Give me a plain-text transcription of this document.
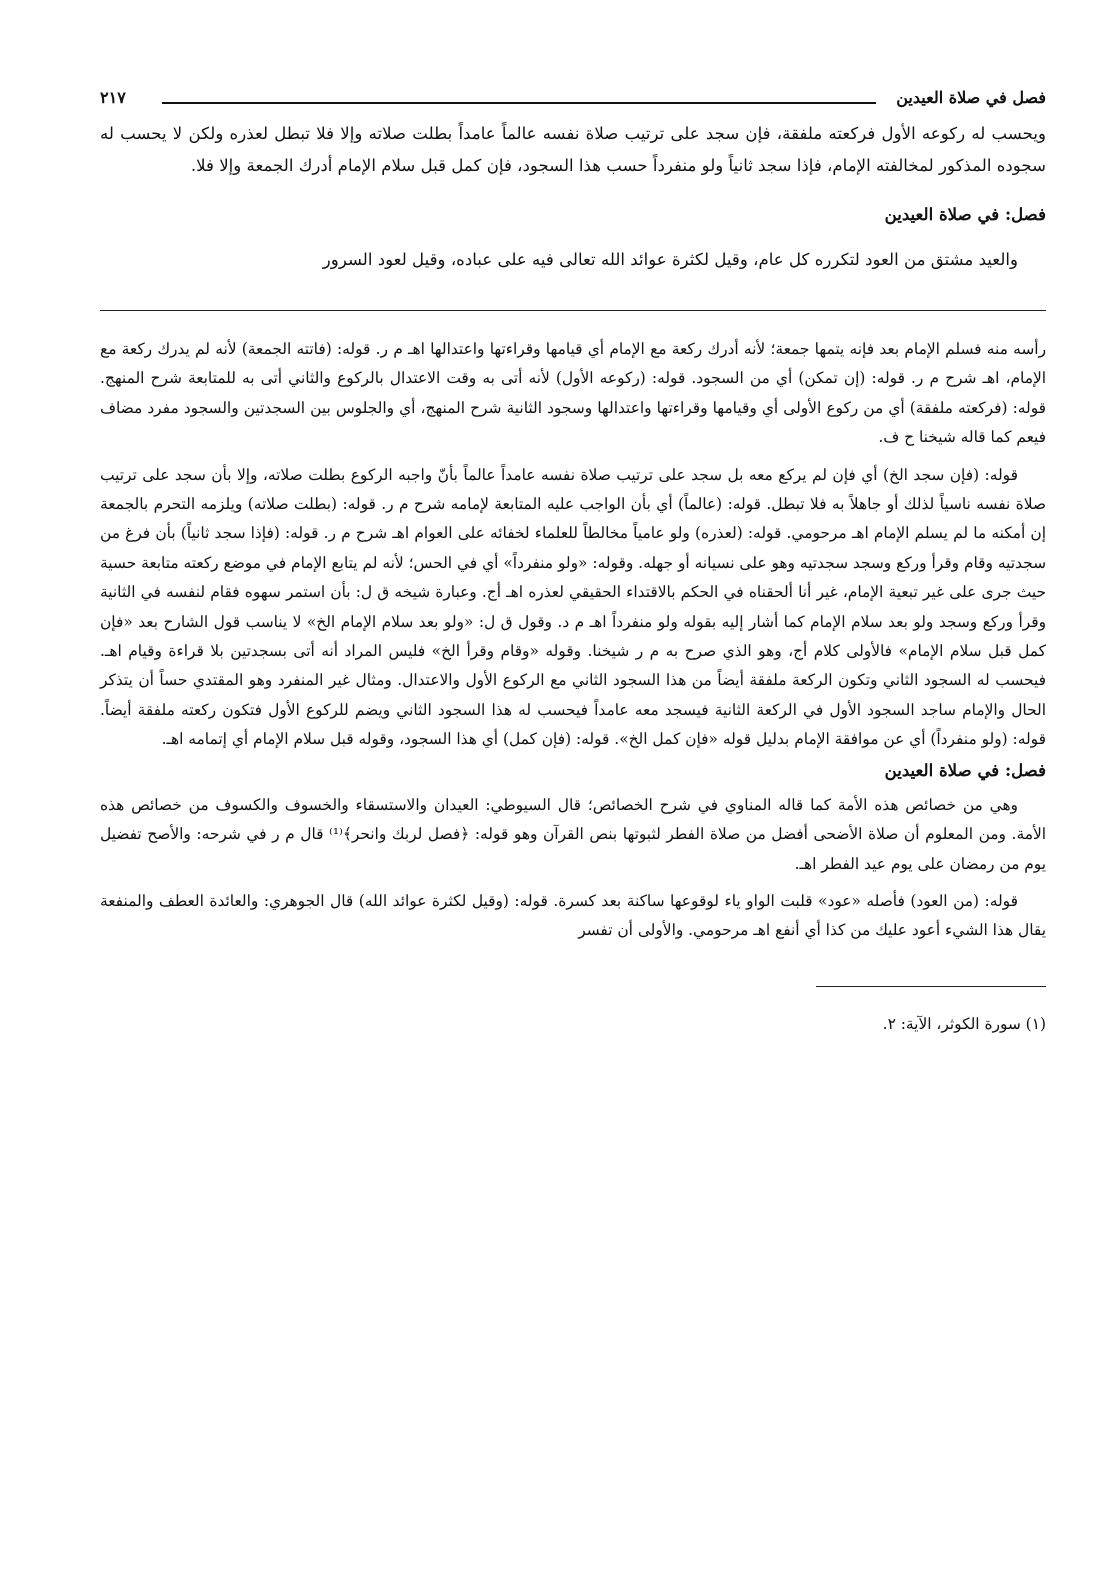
فصل في صلاة العيدين
٢١٧

ويحسب له ركوعه الأول فركعته ملفقة، فإن سجد على ترتيب صلاة نفسه عالماً عامداً بطلت صلاته وإلا فلا تبطل لعذره ولكن لا يحسب له سجوده المذكور لمخالفته الإمام، فإذا سجد ثانياً ولو منفرداً حسب هذا السجود، فإن كمل قبل سلام الإمام أدرك الجمعة وإلا فلا.

فصل: في صلاة العيدين

والعيد مشتق من العود لتكرره كل عام، وقيل لكثرة عوائد الله تعالى فيه على عباده، وقيل لعود السرور

رأسه منه فسلم الإمام بعد فإنه يتمها جمعة؛ لأنه أدرك ركعة مع الإمام أي قيامها وقراءتها واعتدالها اهـ م ر. قوله: (فاتته الجمعة) لأنه لم يدرك ركعة مع الإمام، اهـ شرح م ر. قوله: (إن تمكن) أي من السجود. قوله: (ركوعه الأول) لأنه أتى به وقت الاعتدال بالركوع والثاني أتى به للمتابعة شرح المنهج. قوله: (فركعته ملفقة) أي من ركوع الأولى أي وقيامها وقراءتها واعتدالها وسجود الثانية شرح المنهج، أي والجلوس بين السجدتين والسجود مفرد مضاف فيعم كما قاله شيخنا ح ف.

قوله: (فإن سجد الخ) أي فإن لم يركع معه بل سجد على ترتيب صلاة نفسه عامداً عالماً بأنّ واجبه الركوع بطلت صلاته، وإلا بأن سجد على ترتيب صلاة نفسه ناسياً لذلك أو جاهلاً به فلا تبطل. قوله: (عالماً) أي بأن الواجب عليه المتابعة لإمامه شرح م ر. قوله: (بطلت صلاته) ويلزمه التحرم بالجمعة إن أمكنه ما لم يسلم الإمام اهـ مرحومي. قوله: (لعذره) ولو عامياً مخالطاً للعلماء لخفائه على العوام اهـ شرح م ر. قوله: (فإذا سجد ثانياً) بأن فرغ من سجدتيه وقام وقرأ وركع وسجد سجدتيه وهو على نسيانه أو جهله. وقوله: «ولو منفرداً» أي في الحس؛ لأنه لم يتابع الإمام في موضع ركعته متابعة حسية حيث جرى على غير تبعية الإمام، غير أنا ألحقناه في الحكم بالاقتداء الحقيقي لعذره اهـ أج. وعبارة شيخه ق ل: بأن استمر سهوه فقام لنفسه في الثانية وقرأ وركع وسجد ولو بعد سلام الإمام كما أشار إليه بقوله ولو منفرداً اهـ م د. وقول ق ل: «ولو بعد سلام الإمام الخ» لا يناسب قول الشارح بعد «فإن كمل قبل سلام الإمام» فالأولى كلام أج، وهو الذي صرح به م ر شيخنا. وقوله «وقام وقرأ الخ» فليس المراد أنه أتى بسجدتين بلا قراءة وقيام اهـ. فيحسب له السجود الثاني وتكون الركعة ملفقة أيضاً من هذا السجود الثاني مع الركوع الأول والاعتدال. ومثال غير المنفرد وهو المقتدي حساً أن يتذكر الحال والإمام ساجد السجود الأول في الركعة الثانية فيسجد معه عامداً فيحسب له هذا السجود الثاني ويضم للركوع الأول فتكون ركعته ملفقة أيضاً. قوله: (ولو منفرداً) أي عن موافقة الإمام بدليل قوله «فإن كمل الخ». قوله: (فإن كمل) أي هذا السجود، وقوله قبل سلام الإمام أي إتمامه اهـ.

فصل: في صلاة العيدين

وهي من خصائص هذه الأمة كما قاله المناوي في شرح الخصائص؛ قال السيوطي: العيدان والاستسقاء والخسوف والكسوف من خصائص هذه الأمة. ومن المعلوم أن صلاة الأضحى أفضل من صلاة الفطر لثبوتها بنص القرآن وهو قوله: ﴿فصل لربك وانحر﴾⁽¹⁾ قال م ر في شرحه: والأصح تفضيل يوم من رمضان على يوم عيد الفطر اهـ.

قوله: (من العود) فأصله «عود» قلبت الواو ياء لوقوعها ساكنة بعد كسرة. قوله: (وقيل لكثرة عوائد الله) قال الجوهري: والعائدة العطف والمنفعة يقال هذا الشيء أعود عليك من كذا أي أنفع اهـ مرحومي. والأولى أن تفسر

(١) سورة الكوثر، الآية: ٢.
